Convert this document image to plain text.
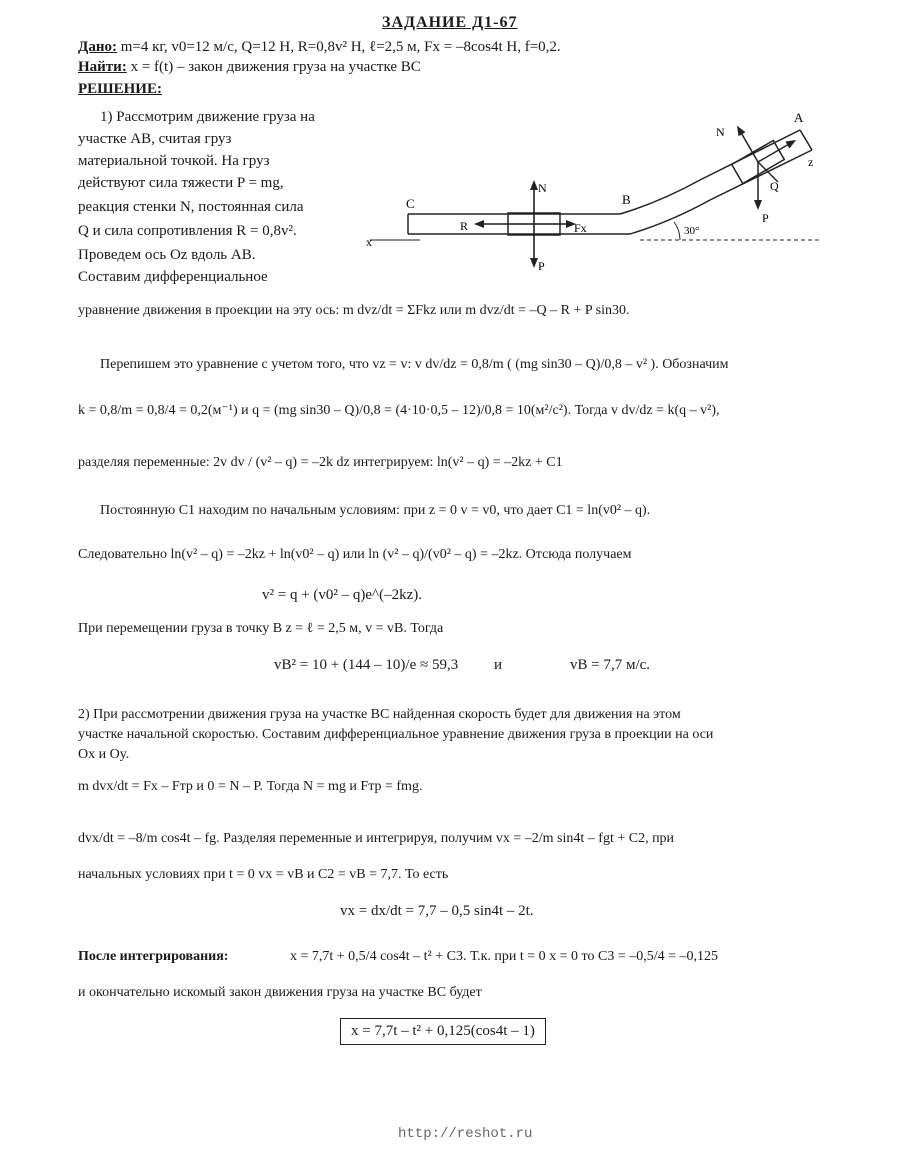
ЗАДАНИЕ Д1-67
Дано: m=4 кг, v0=12 м/с, Q=12 Н, R=0,8v² Н, ℓ=2,5 м, Fx = –8cos4t Н, f=0,2.
Найти: x = f(t) – закон движения груза на участке BC
РЕШЕНИЕ:
1) Рассмотрим движение груза на
участке AB, считая груз
материальной точкой. На груз
действуют сила тяжести P = mg,
реакция стенки N, постоянная сила
Q и сила сопротивления R = 0,8v².
Проведем ось Oz вдоль AB.
Составим дифференциальное
A
B
C
N	Q
P
Fx
R
N
P
30°
x
z
уравнение движения в проекции на эту ось: m dvz/dt = ΣFkz или m dvz/dt = –Q – R + P sin30.
Перепишем это уравнение с учетом того, что vz = v: v dv/dz = 0,8/m ( (mg sin30 – Q)/0,8 – v² ). Обозначим
k = 0,8/m = 0,8/4 = 0,2(м⁻¹) и q = (mg sin30 – Q)/0,8 = (4·10·0,5 – 12)/0,8 = 10(м²/с²). Тогда v dv/dz = k(q – v²),
разделяя переменные: 2v dv / (v² – q) = –2k dz интегрируем: ln(v² – q) = –2kz + C1
Постоянную C1 находим по начальным условиям: при z = 0 v = v0, что дает C1 = ln(v0² – q).
Следовательно ln(v² – q) = –2kz + ln(v0² – q) или ln (v² – q)/(v0² – q) = –2kz. Отсюда получаем
v² = q + (v0² – q)e^(–2kz).
При перемещении груза в точку B z = ℓ = 2,5 м, v = vB. Тогда
vB² = 10 + (144 – 10)/e ≈ 59,3 и	vB = 7,7 м/с.
2) При рассмотрении движения груза на участке BC найденная скорость будет для движения на этом
участке начальной скоростью. Составим дифференциальное уравнение движения груза в проекции на оси
Ox и Oy.
m dvx/dt = Fx – Fтр и 0 = N – P. Тогда N = mg и Fтр = fmg.
dvx/dt = –8/m cos4t – fg. Разделяя переменные и интегрируя, получим vx = –2/m sin4t – fgt + C2, при
начальных условиях при t = 0 vx = vB и C2 = vB = 7,7. То есть
vx = dx/dt = 7,7 – 0,5 sin4t – 2t.
После интегрирования:	x = 7,7t + 0,5/4 cos4t – t² + C3. Т.к. при t = 0 x = 0 то C3 = –0,5/4 = –0,125
и окончательно искомый закон движения груза на участке BC будет
x = 7,7t – t² + 0,125(cos4t – 1)
http://reshot.ru
